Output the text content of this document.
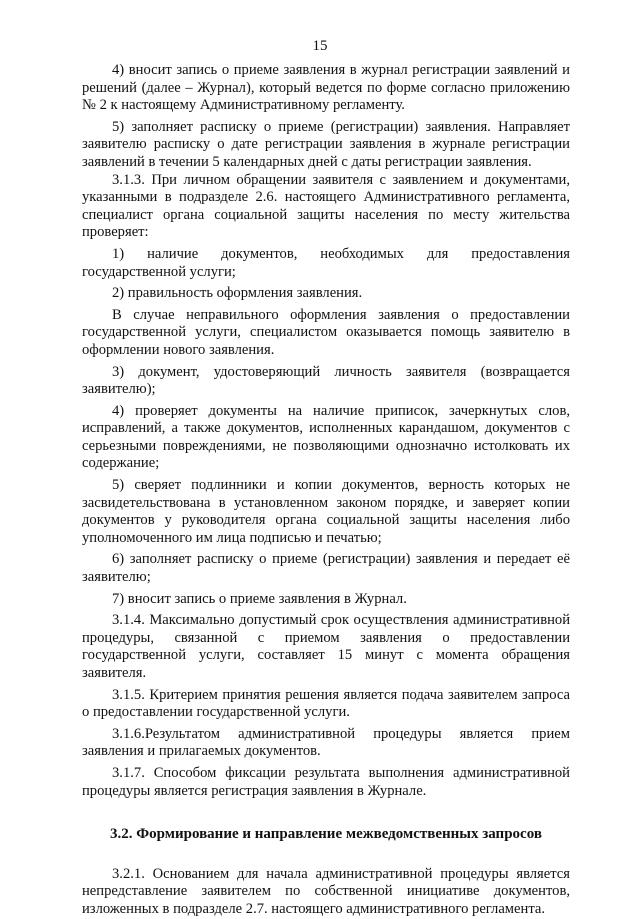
15

4) вносит запись о приеме заявления в журнал регистрации заявлений и решений (далее – Журнал), который ведется по форме согласно приложению № 2 к настоящему Административному регламенту.

5) заполняет расписку о приеме (регистрации) заявления. Направляет заявителю расписку о дате регистрации заявления в журнале регистрации заявлений в течении 5 календарных дней с даты регистрации заявления.

3.1.3. При личном обращении заявителя с заявлением и документами, указанными в подразделе 2.6. настоящего Административного регламента, специалист органа социальной защиты населения по месту жительства проверяет:

1) наличие документов, необходимых для предоставления государственной услуги;

2) правильность оформления заявления.

В случае неправильного оформления заявления о предоставлении государственной услуги, специалистом оказывается помощь заявителю в оформлении нового заявления.

3) документ, удостоверяющий личность заявителя (возвращается заявителю);

4) проверяет документы на наличие приписок, зачеркнутых слов, исправлений, а также документов, исполненных карандашом, документов с серьезными повреждениями, не позволяющими однозначно истолковать их содержание;

5) сверяет подлинники и копии документов, верность которых не засвидетельствована в установленном законом порядке, и заверяет копии документов у руководителя органа социальной защиты населения либо уполномоченного им лица подписью и печатью;

6) заполняет расписку о приеме (регистрации) заявления и передает её заявителю;

7) вносит запись о приеме заявления в Журнал.

3.1.4. Максимально допустимый срок осуществления административной процедуры, связанной с приемом заявления о предоставлении государственной услуги, составляет 15 минут с момента обращения заявителя.

3.1.5. Критерием принятия решения является подача заявителем запроса о предоставлении государственной услуги.

3.1.6.Результатом административной процедуры является прием заявления и прилагаемых документов.

3.1.7. Способом фиксации результата выполнения административной процедуры является регистрация заявления в Журнале.

3.2. Формирование и направление межведомственных запросов

3.2.1. Основанием для начала административной процедуры является непредставление заявителем по собственной инициативе документов, изложенных в подразделе 2.7. настоящего административного регламента.
